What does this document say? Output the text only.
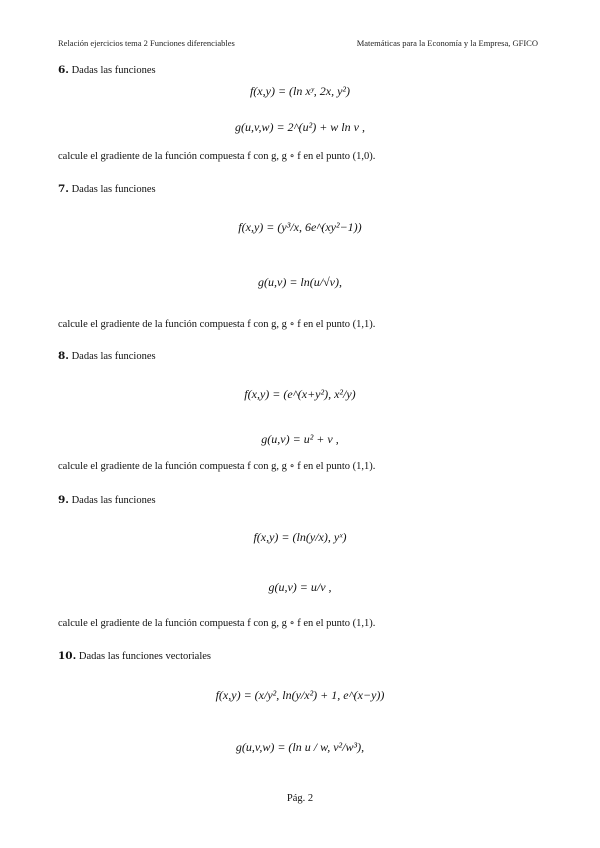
Relación ejercicios tema 2 Funciones diferenciables	Matemáticas para la Economía y la Empresa, GFICO
6. Dadas las funciones
f(x,y) = (ln xʸ, 2x, y²)
g(u,v,w) = 2^(u²) + w ln v ,
calcule el gradiente de la función compuesta f con g, g ∘ f en el punto (1,0).
7. Dadas las funciones
f(x,y) = (y³/x, 6e^(xy²−1))
g(u,v) = ln(u/√v),
calcule el gradiente de la función compuesta f con g, g ∘ f en el punto (1,1).
8. Dadas las funciones
f(x,y) = (e^(x+y²), x²/y)
g(u,v) = u² + v ,
calcule el gradiente de la función compuesta f con g, g ∘ f en el punto (1,1).
9. Dadas las funciones
f(x,y) = (ln(y/x), yˣ)
g(u,v) = u/v ,
calcule el gradiente de la función compuesta f con g, g ∘ f en el punto (1,1).
10. Dadas las funciones vectoriales
f(x,y) = (x/y², ln(y/x²) + 1, e^(x−y))
g(u,v,w) = (ln u / w, v²/w³),
Pág. 2
